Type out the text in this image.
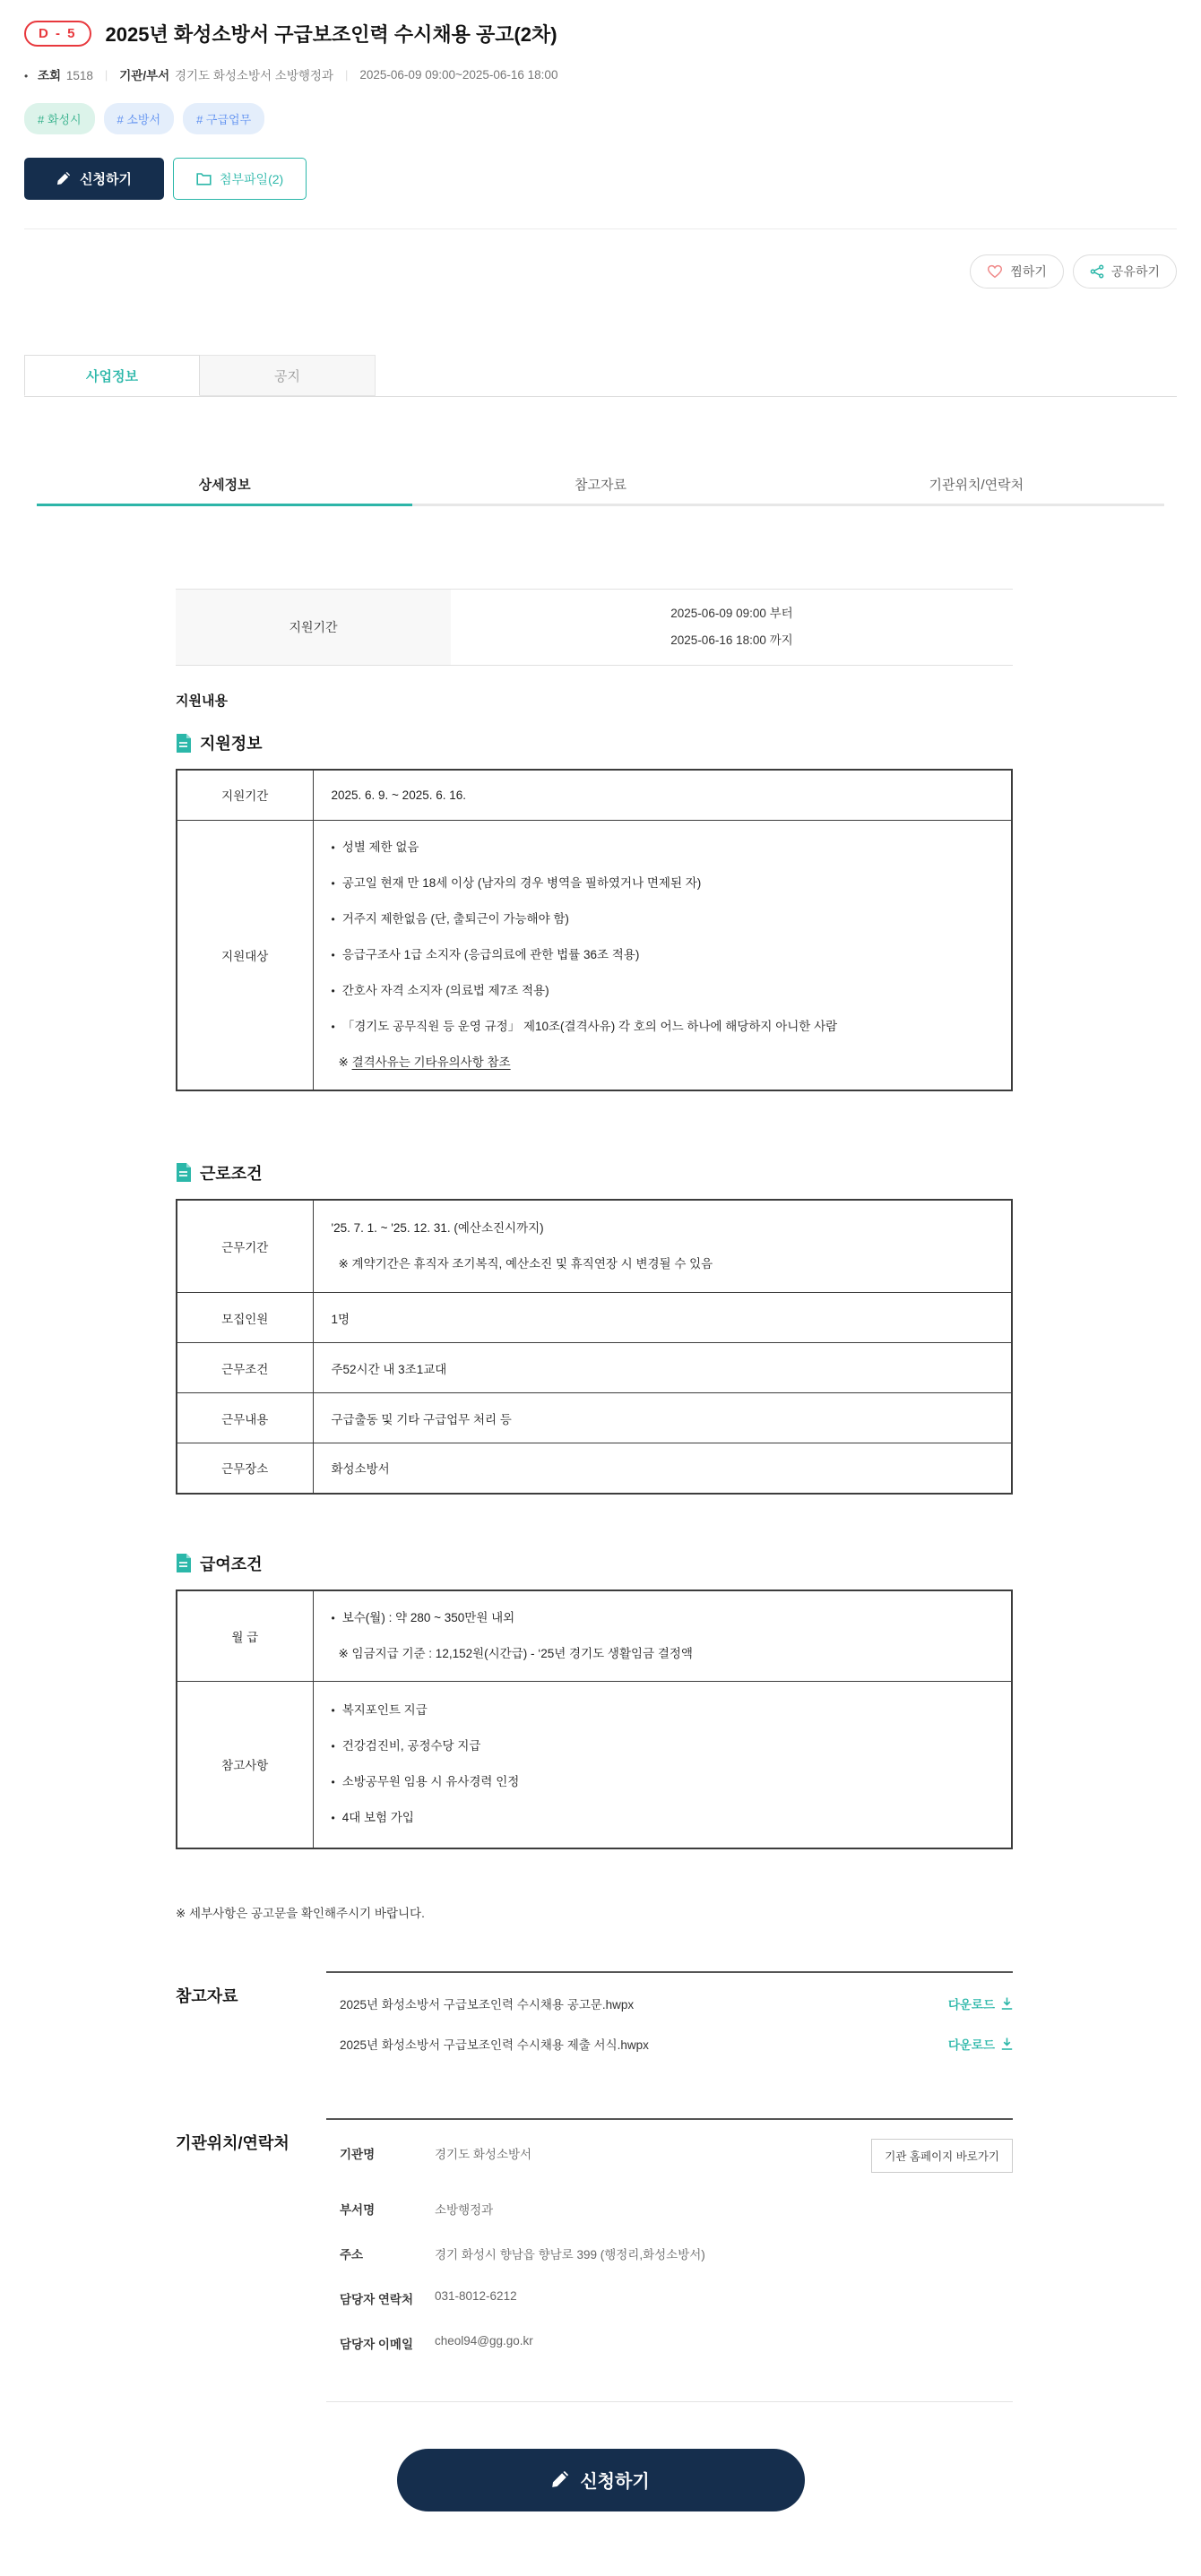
D - 5	2025년 화성소방서 구급보조인력 수시채용 공고(2차)
• 조회 1518 | 기관/부서 경기도 화성소방서 소방행정과 | 2025-06-09 09:00~2025-06-16 18:00
# 화성시	# 소방서	# 구급업무
신청하기	첨부파일(2)
찜하기	공유하기
사업정보	공지
상세정보	참고자료	기관위치/연락처
지원기간
2025-06-09 09:00 부터
2025-06-16 18:00 까지
지원내용
지원정보
지원기간	2025. 6. 9. ~ 2025. 6. 16.
지원대상	
• 성별 제한 없음
• 공고일 현재 만 18세 이상 (남자의 경우 병역을 필하였거나 면제된 자)
• 거주지 제한없음 (단, 출퇴근이 가능해야 함)
• 응급구조사 1급 소지자 (응급의료에 관한 법률 36조 적용)
• 간호사 자격 소지자 (의료법 제7조 적용)
• 「경기도 공무직원 등 운영 규정」 제10조(결격사유) 각 호의 어느 하나에 해당하지 아니한 사람
※ 결격사유는 기타유의사항 참조
근로조건
근무기간	'25. 7. 1. ~ '25. 12. 31. (예산소진시까지)
※ 계약기간은 휴직자 조기복직, 예산소진 및 휴직연장 시 변경될 수 있음

모집인원	1명
근무조건	주52시간 내 3조1교대
근무내용	구급출동 및 기타 구급업무 처리 등
근무장소	화성소방서
급여조건
월 급	• 보수(월) : 약 280 ~ 350만원 내외
※ 임금지급 기준 : 12,152원(시간급) - ‘25년 경기도 생활임금 결정액

참고사항	• 복지포인트 지급
• 건강검진비, 공정수당 지급
• 소방공무원 임용 시 유사경력 인정
• 4대 보험 가입
※ 세부사항은 공고문을 확인해주시기 바랍니다.
참고자료	2025년 화성소방서 구급보조인력 수시채용 공고문.hwpx	다운로드
2025년 화성소방서 구급보조인력 수시채용 제출 서식.hwpx	다운로드
기관위치/연락처
기관명	경기도 화성소방서	기관 홈페이지 바로가기
부서명	소방행정과
주소	경기 화성시 향남읍 향남로 399 (행정리,화성소방서)
담당자 연락처	031-8012-6212
담당자 이메일	cheol94@gg.go.kr
신청하기
